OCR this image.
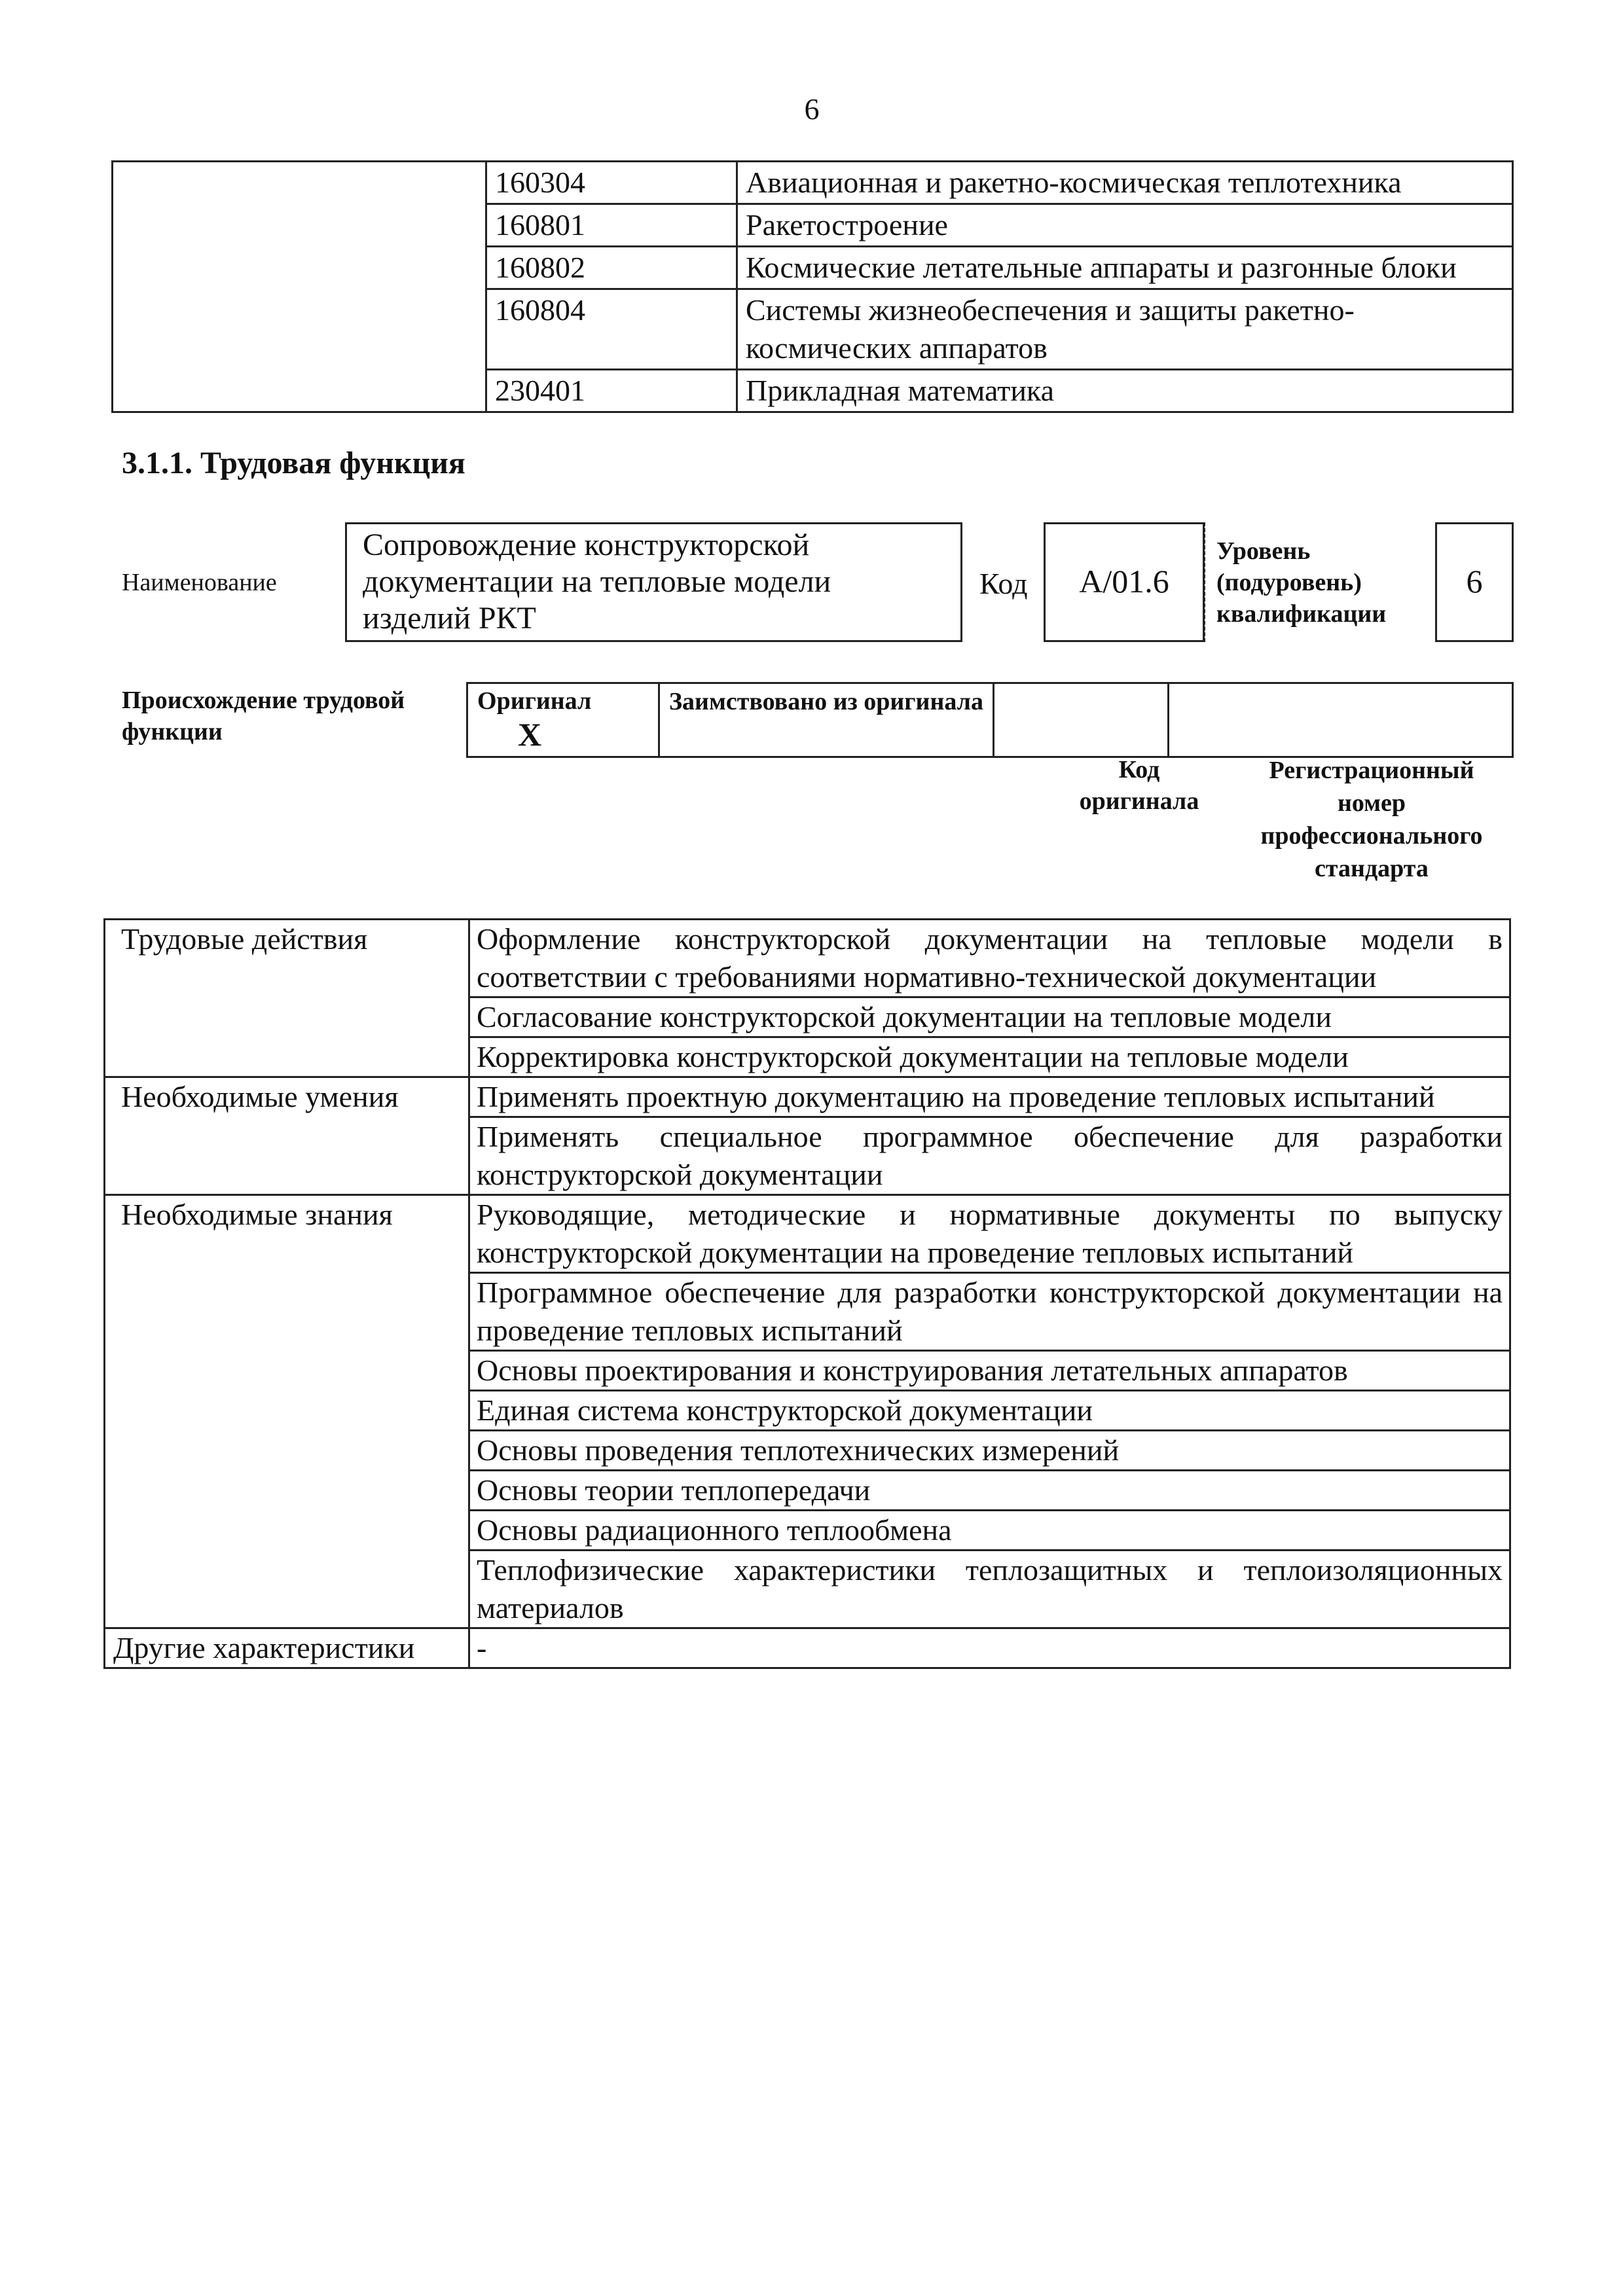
6
	160304	Авиационная и ракетно-космическая теплотехника
	160801	Ракетостроение
	160802	Космические летательные аппараты и разгонные блоки
	160804	Системы жизнеобеспечения и защиты ракетно-космических аппаратов
	230401	Прикладная математика
3.1.1. Трудовая функция
Наименование
Сопровождение конструкторской документации на тепловые модели изделий РКТ
Код	A/01.6
Уровень (подуровень) квалификации
6
Происхождение трудовой функции
Оригинал X	Заимствовано из оригинала		
Код оригинала
Регистрационный номер профессионального стандарта
Трудовые действия	Оформление конструкторской документации на тепловые модели в соответствии с требованиями нормативно-технической документации
	Согласование конструкторской документации на тепловые модели
	Корректировка конструкторской документации на тепловые модели
Необходимые умения	Применять проектную документацию на проведение тепловых испытаний
	Применять специальное программное обеспечение для разработки конструкторской документации
Необходимые знания	Руководящие, методические и нормативные документы по выпуску конструкторской документации на проведение тепловых испытаний
	Программное обеспечение для разработки конструкторской документации на проведение тепловых испытаний
	Основы проектирования и конструирования летательных аппаратов
	Единая система конструкторской документации
	Основы проведения теплотехнических измерений
	Основы теории теплопередачи
	Основы радиационного теплообмена
	Теплофизические характеристики теплозащитных и теплоизоляционных материалов
Другие характеристики	-
